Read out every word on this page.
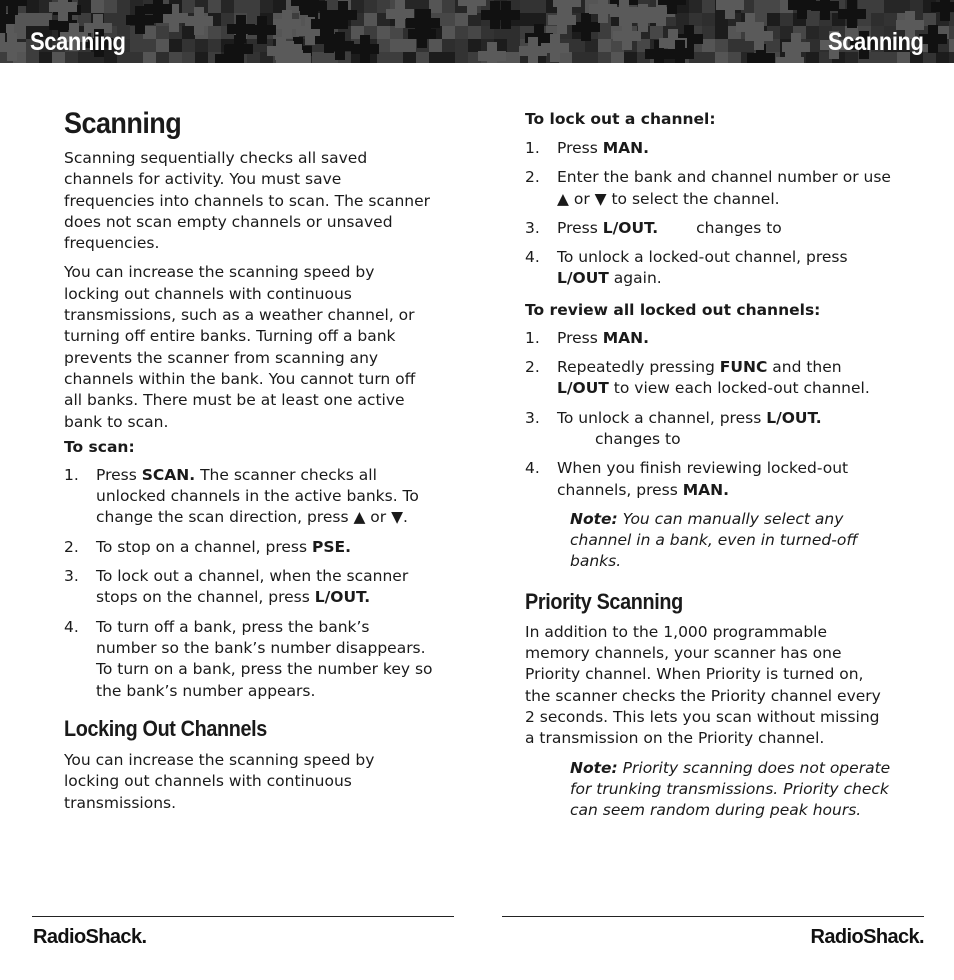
Scanning	Scanning
Scanning

Scanning sequentially checks all saved channels for activity. You must save frequencies into channels to scan. The scanner does not scan empty channels or unsaved frequencies.

You can increase the scanning speed by locking out channels with continuous transmissions, such as a weather channel, or turning off entire banks. Turning off a bank prevents the scanner from scanning any channels within the bank. You cannot turn off all banks. There must be at least one active bank to scan.

To scan:

1. Press SCAN. The scanner checks all unlocked channels in the active banks. To change the scan direction, press ▲ or ▼.
2. To stop on a channel, press PSE.
3. To lock out a channel, when the scanner stops on the channel, press L/OUT.
4. To turn off a bank, press the bank’s number so the bank’s number disappears. To turn on a bank, press the number key so the bank’s number appears.
Locking Out Channels

You can increase the scanning speed by locking out channels with continuous transmissions.

To lock out a channel:

1. Press MAN.
2. Enter the bank and channel number or use ▲ or ▼ to select the channel.
3. Press L/OUT. changes to
4. To unlock a locked-out channel, press L/OUT again.

To review all locked out channels:

1. Press MAN.
2. Repeatedly pressing FUNC and then L/OUT to view each locked-out channel.
3. To unlock a channel, press L/OUT.
changes to
4. When you finish reviewing locked-out channels, press MAN.

Note: You can manually select any channel in a bank, even in turned-off banks.

Priority Scanning

In addition to the 1,000 programmable memory channels, your scanner has one Priority channel. When Priority is turned on, the scanner checks the Priority channel every 2 seconds. This lets you scan without missing a transmission on the Priority channel.

Note: Priority scanning does not operate for trunking transmissions. Priority check can seem random during peak hours.

RadioShack.	RadioShack.
